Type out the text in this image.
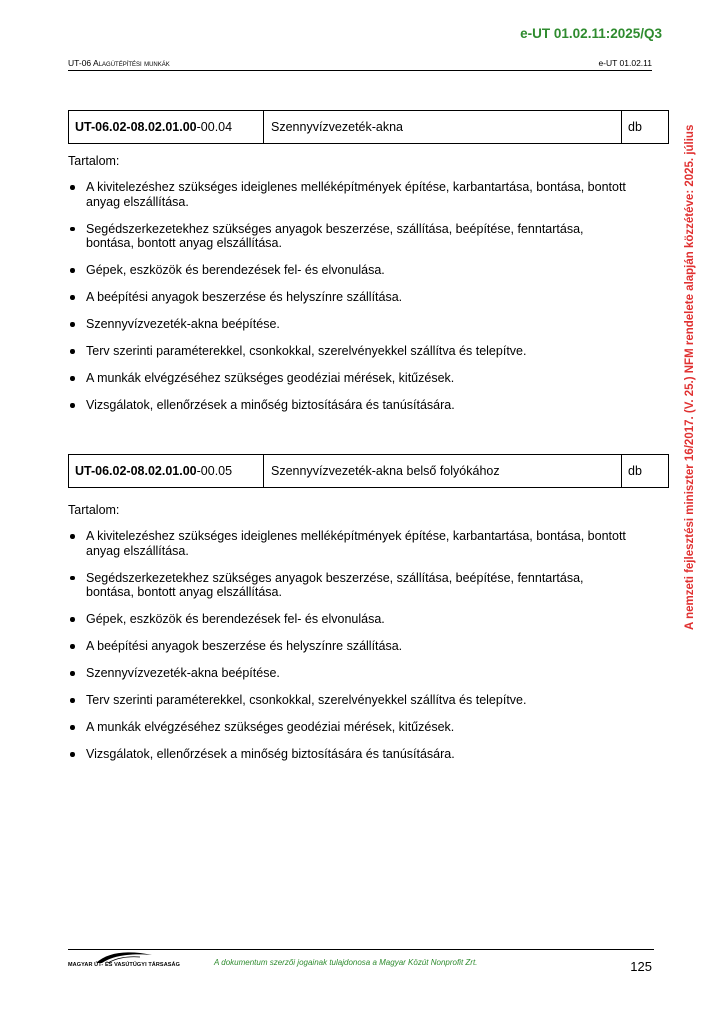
e-UT 01.02.11:2025/Q3
UT-06 Alagútépítési munkák	e-UT 01.02.11
A nemzeti fejlesztési miniszter 16/2017. (V. 25.) NFM rendelete alapján közzétéve: 2025. július
UT-06.02-08.02.01.00 -00.04	Szennyvízvezeték-akna	db
Tartalom:
A kivitelezéshez szükséges ideiglenes melléképítmények építése, karbantartása, bontása, bontott anyag elszállítása.
Segédszerkezetekhez szükséges anyagok beszerzése, szállítása, beépítése, fenntartása, bontása, bontott anyag elszállítása.
Gépek, eszközök és berendezések fel- és elvonulása.
A beépítési anyagok beszerzése és helyszínre szállítása.
Szennyvízvezeték-akna beépítése.
Terv szerinti paraméterekkel, csonkokkal, szerelvényekkel szállítva és telepítve.
A munkák elvégzéséhez szükséges geodéziai mérések, kitűzések.
Vizsgálatok, ellenőrzések a minőség biztosítására és tanúsítására.
UT-06.02-08.02.01.00 -00.05	Szennyvízvezeték-akna belső folyókához	db
Tartalom:
A kivitelezéshez szükséges ideiglenes melléképítmények építése, karbantartása, bontása, bontott anyag elszállítása.
Segédszerkezetekhez szükséges anyagok beszerzése, szállítása, beépítése, fenntartása, bontása, bontott anyag elszállítása.
Gépek, eszközök és berendezések fel- és elvonulása.
A beépítési anyagok beszerzése és helyszínre szállítása.
Szennyvízvezeték-akna beépítése.
Terv szerinti paraméterekkel, csonkokkal, szerelvényekkel szállítva és telepítve.
A munkák elvégzéséhez szükséges geodéziai mérések, kitűzések.
Vizsgálatok, ellenőrzések a minőség biztosítására és tanúsítására.
MAGYAR ÚT- ÉS VASÚTÜGYI TÁRSASÁG	A dokumentum szerzői jogainak tulajdonosa a Magyar Közút Nonprofit Zrt.	125
